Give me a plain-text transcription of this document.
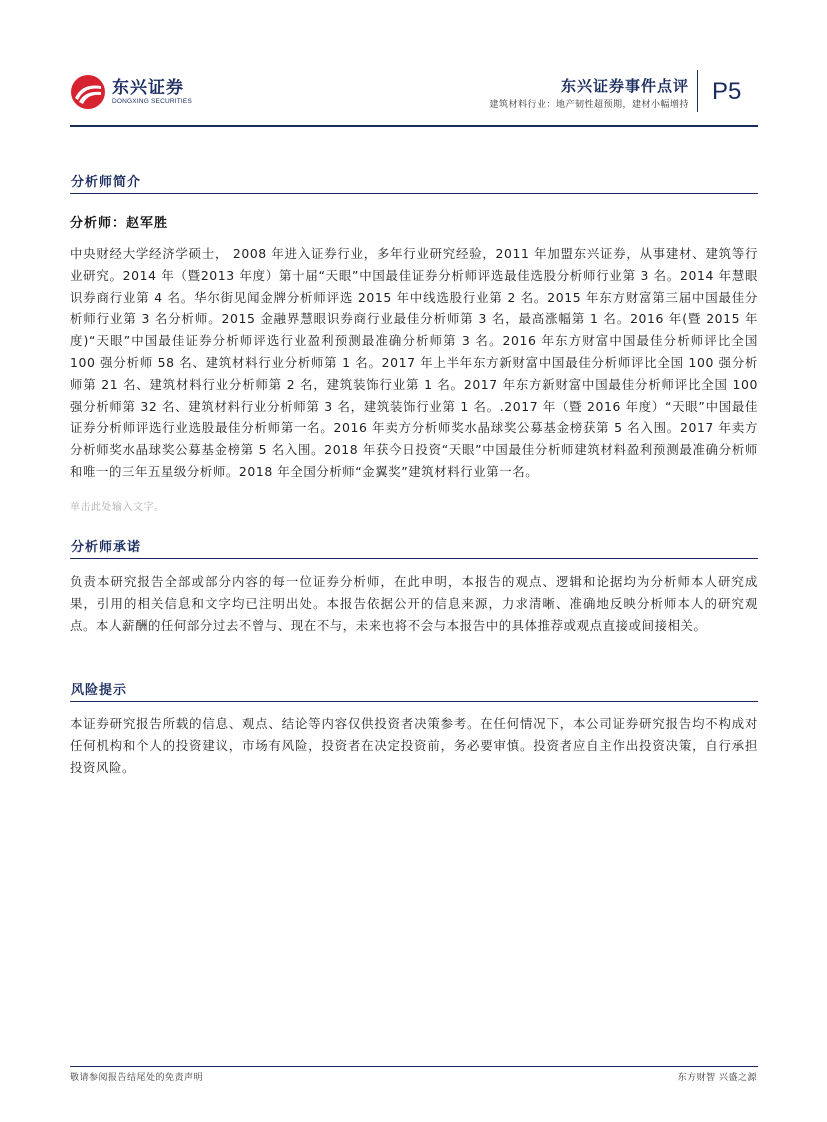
东兴证券
DONGXING SECURITIES
东兴证券事件点评
建筑材料行业：地产韧性超预期，建材小幅增持 P5
分析师简介
分析师：赵军胜
中央财经大学经济学硕士， 2008 年进入证券行业，多年行业研究经验，2011 年加盟东兴证券，从事建材、建筑等行业研究。2014 年（暨2013 年度）第十届“天眼”中国最佳证券分析师评选最佳选股分析师行业第 3 名。2014 年慧眼识券商行业第 4 名。华尔街见闻金牌分析师评选 2015 年中线选股行业第 2 名。2015 年东方财富第三届中国最佳分析师行业第 3 名分析师。2015 金融界慧眼识券商行业最佳分析师第 3 名，最高涨幅第 1 名。2016 年(暨 2015 年度)“天眼”中国最佳证券分析师评选行业盈利预测最准确分析师第 3 名。2016 年东方财富中国最佳分析师评比全国 100 强分析师 58 名、建筑材料行业分析师第 1 名。2017 年上半年东方新财富中国最佳分析师评比全国 100 强分析师第 21 名、建筑材料行业分析师第 2 名，建筑装饰行业第 1 名。2017 年东方新财富中国最佳分析师评比全国 100 强分析师第 32 名、建筑材料行业分析师第 3 名，建筑装饰行业第 1 名。.2017 年（暨 2016 年度）“天眼”中国最佳证券分析师评选行业选股最佳分析师第一名。2016 年卖方分析师奖水晶球奖公募基金榜获第 5 名入围。2017 年卖方分析师奖水晶球奖公募基金榜第 5 名入围。2018 年获今日投资“天眼”中国最佳分析师建筑材料盈利预测最准确分析师和唯一的三年五星级分析师。2018 年全国分析师“金翼奖”建筑材料行业第一名。
单击此处输入文字。
分析师承诺
负责本研究报告全部或部分内容的每一位证券分析师，在此申明，本报告的观点、逻辑和论据均为分析师本人研究成果，引用的相关信息和文字均已注明出处。本报告依据公开的信息来源，力求清晰、准确地反映分析师本人的研究观点。本人薪酬的任何部分过去不曾与、现在不与，未来也将不会与本报告中的具体推荐或观点直接或间接相关。
风险提示
本证券研究报告所载的信息、观点、结论等内容仅供投资者决策参考。在任何情况下，本公司证券研究报告均不构成对任何机构和个人的投资建议，市场有风险，投资者在决定投资前，务必要审慎。投资者应自主作出投资决策，自行承担投资风险。
敬请参阅报告结尾处的免责声明	东方财智 兴盛之源
